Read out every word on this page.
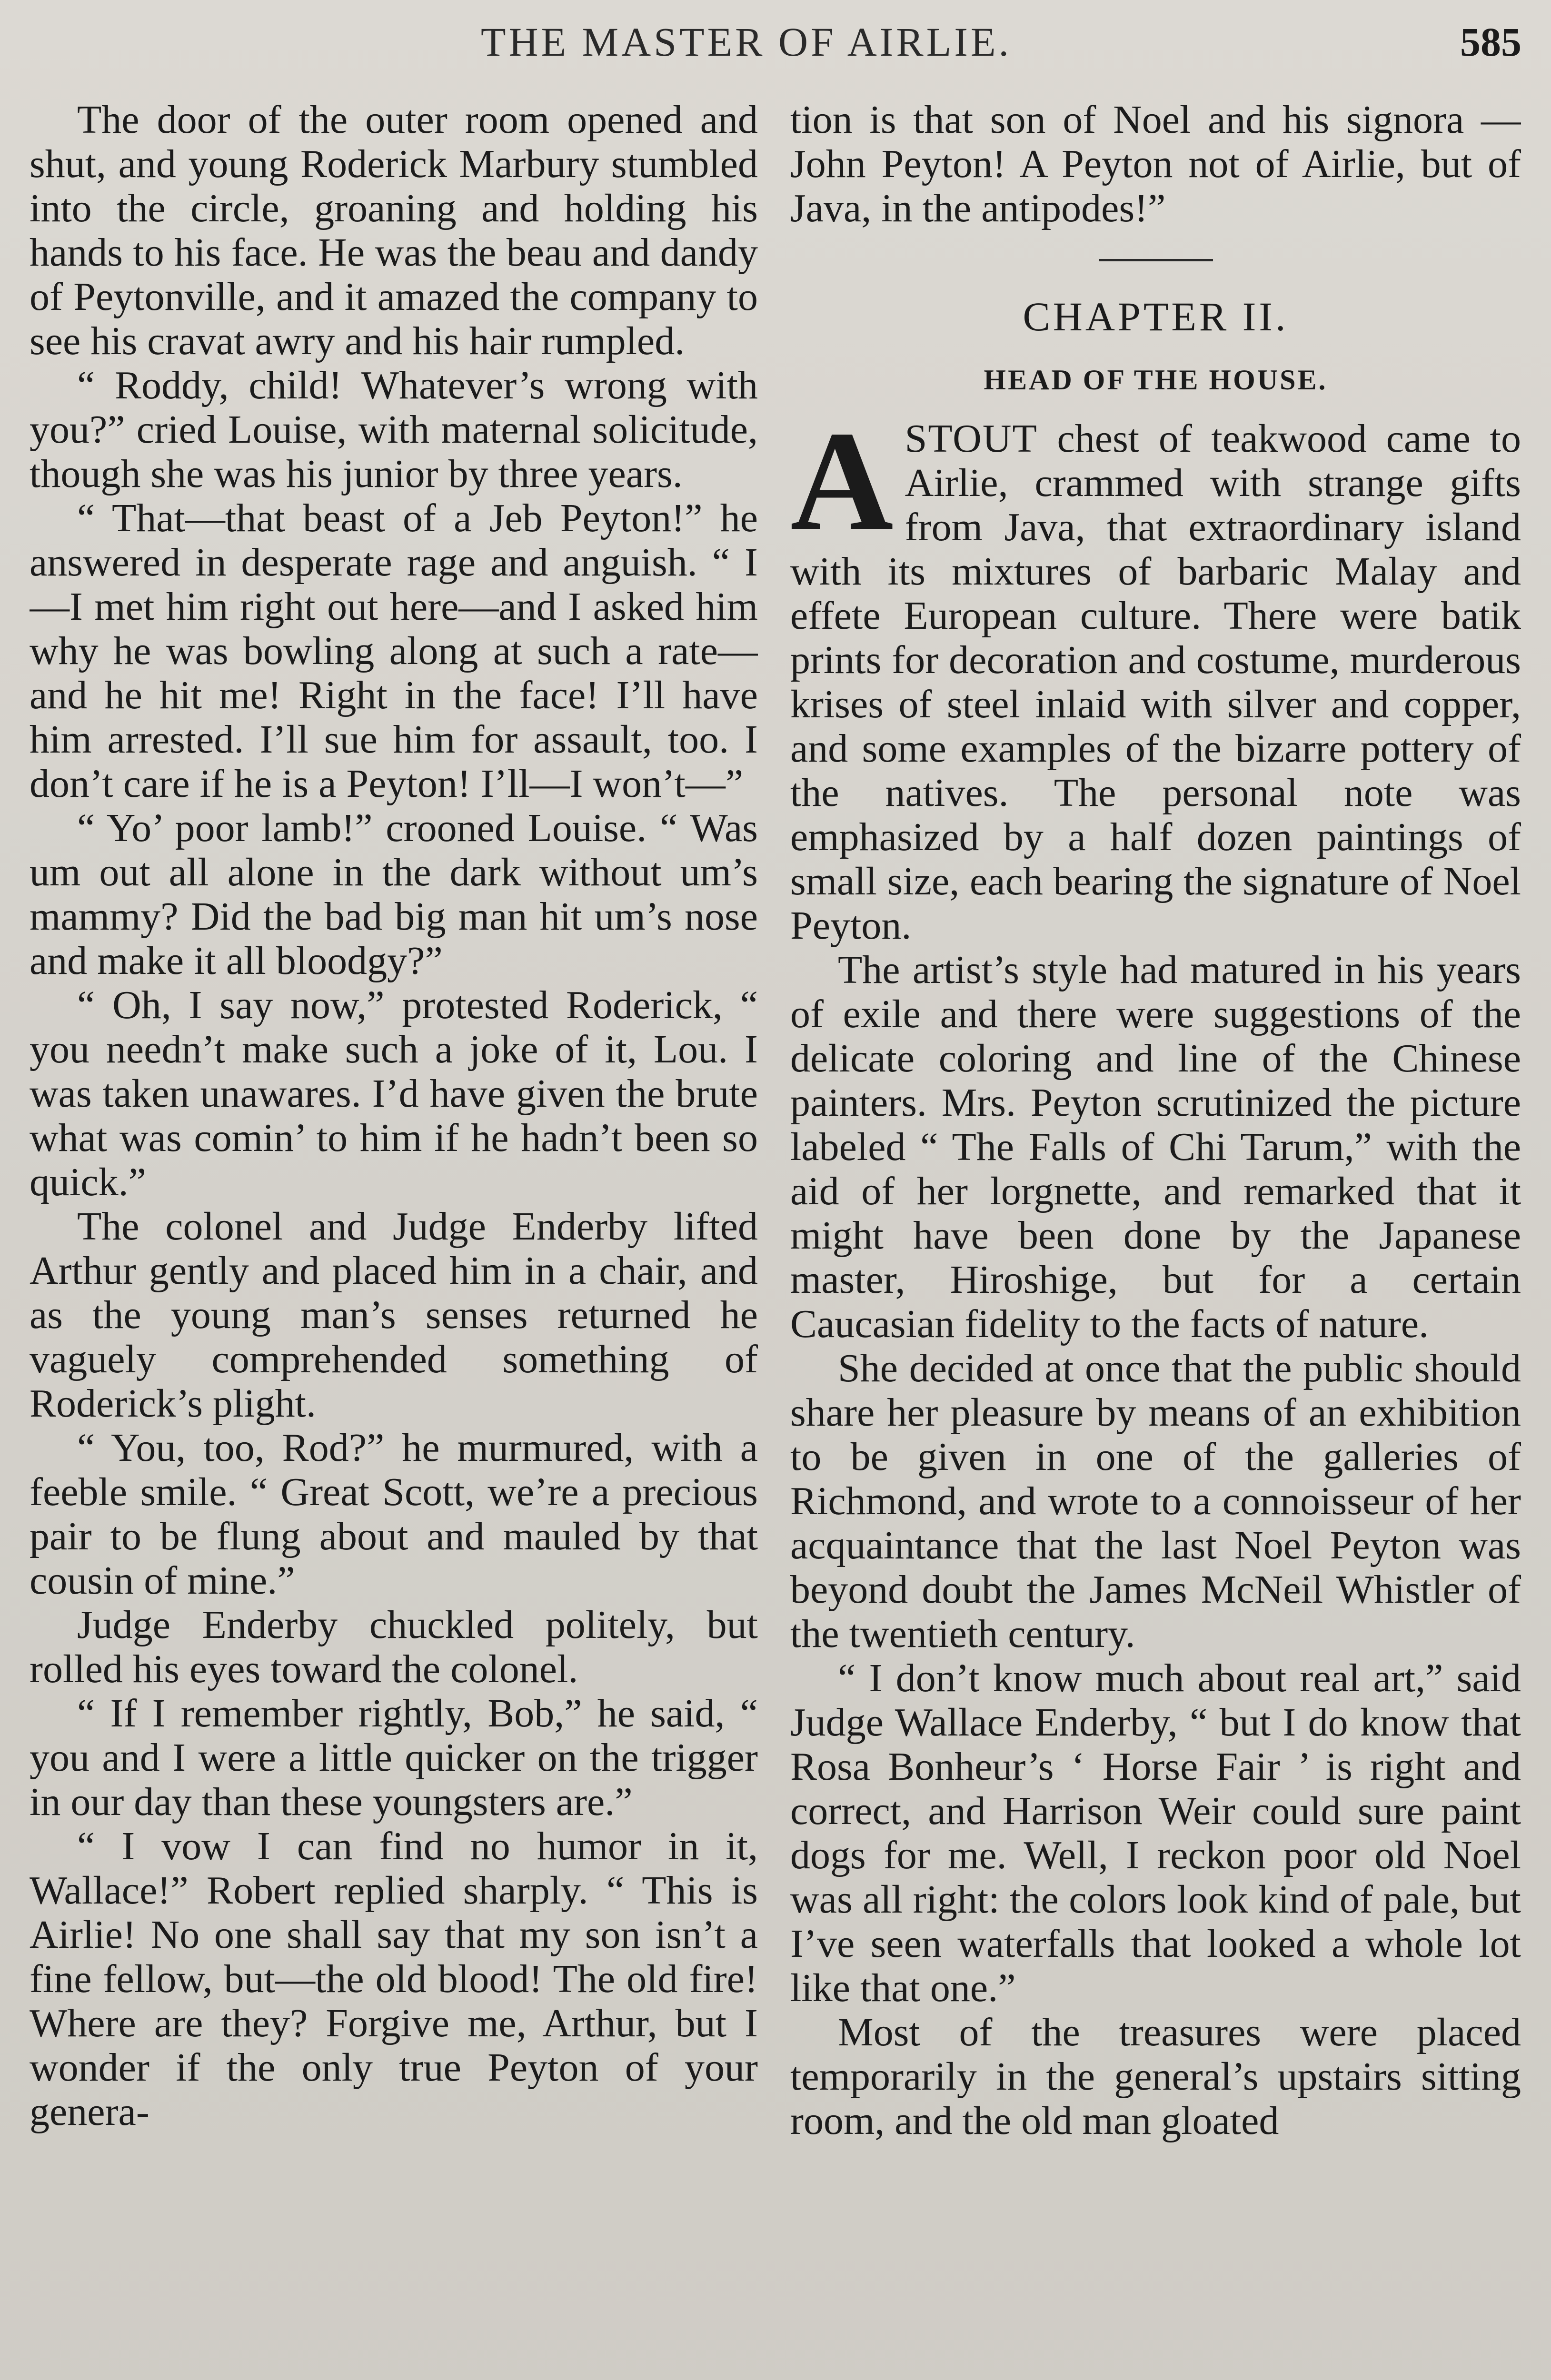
THE MASTER OF AIRLIE.	585

The door of the outer room opened and shut, and young Roderick Marbury stumbled into the circle, groaning and holding his hands to his face. He was the beau and dandy of Peytonville, and it amazed the company to see his cravat awry and his hair rumpled.

“ Roddy, child! Whatever’s wrong with you?” cried Louise, with maternal solicitude, though she was his junior by three years.

“ That—that beast of a Jeb Peyton!” he answered in desperate rage and anguish. “ I—I met him right out here—and I asked him why he was bowling along at such a rate—and he hit me! Right in the face! I’ll have him arrested. I’ll sue him for assault, too. I don’t care if he is a Peyton! I’ll—I won’t—”

“ Yo’ poor lamb!” crooned Louise. “ Was um out all alone in the dark without um’s mammy? Did the bad big man hit um’s nose and make it all bloodgy?”

“ Oh, I say now,” protested Roderick, “ you needn’t make such a joke of it, Lou. I was taken unawares. I’d have given the brute what was comin’ to him if he hadn’t been so quick.”

The colonel and Judge Enderby lifted Arthur gently and placed him in a chair, and as the young man’s senses returned he vaguely comprehended something of Roderick’s plight.

“ You, too, Rod?” he murmured, with a feeble smile. “ Great Scott, we’re a precious pair to be flung about and mauled by that cousin of mine.”

Judge Enderby chuckled politely, but rolled his eyes toward the colonel.

“ If I remember rightly, Bob,” he said, “ you and I were a little quicker on the trigger in our day than these youngsters are.”

“ I vow I can find no humor in it, Wallace!” Robert replied sharply. “ This is Airlie! No one shall say that my son isn’t a fine fellow, but—the old blood! The old fire! Where are they? Forgive me, Arthur, but I wonder if the only true Peyton of your genera-

tion is that son of Noel and his signora —John Peyton! A Peyton not of Airlie, but of Java, in the antipodes!”

CHAPTER II.
HEAD OF THE HOUSE.

ASTOUT chest of teakwood came to Airlie, crammed with strange gifts from Java, that extraordinary island with its mixtures of barbaric Malay and effete European culture. There were batik prints for decoration and costume, murderous krises of steel inlaid with silver and copper, and some examples of the bizarre pottery of the natives. The personal note was emphasized by a half dozen paintings of small size, each bearing the signature of Noel Peyton.

The artist’s style had matured in his years of exile and there were suggestions of the delicate coloring and line of the Chinese painters. Mrs. Peyton scrutinized the picture labeled “ The Falls of Chi Tarum,” with the aid of her lorgnette, and remarked that it might have been done by the Japanese master, Hiroshige, but for a certain Caucasian fidelity to the facts of nature.

She decided at once that the public should share her pleasure by means of an exhibition to be given in one of the galleries of Richmond, and wrote to a connoisseur of her acquaintance that the last Noel Peyton was beyond doubt the James McNeil Whistler of the twentieth century.

“ I don’t know much about real art,” said Judge Wallace Enderby, “ but I do know that Rosa Bonheur’s ‘ Horse Fair ’ is right and correct, and Harrison Weir could sure paint dogs for me. Well, I reckon poor old Noel was all right: the colors look kind of pale, but I’ve seen waterfalls that looked a whole lot like that one.”

Most of the treasures were placed temporarily in the general’s upstairs sitting room, and the old man gloated
